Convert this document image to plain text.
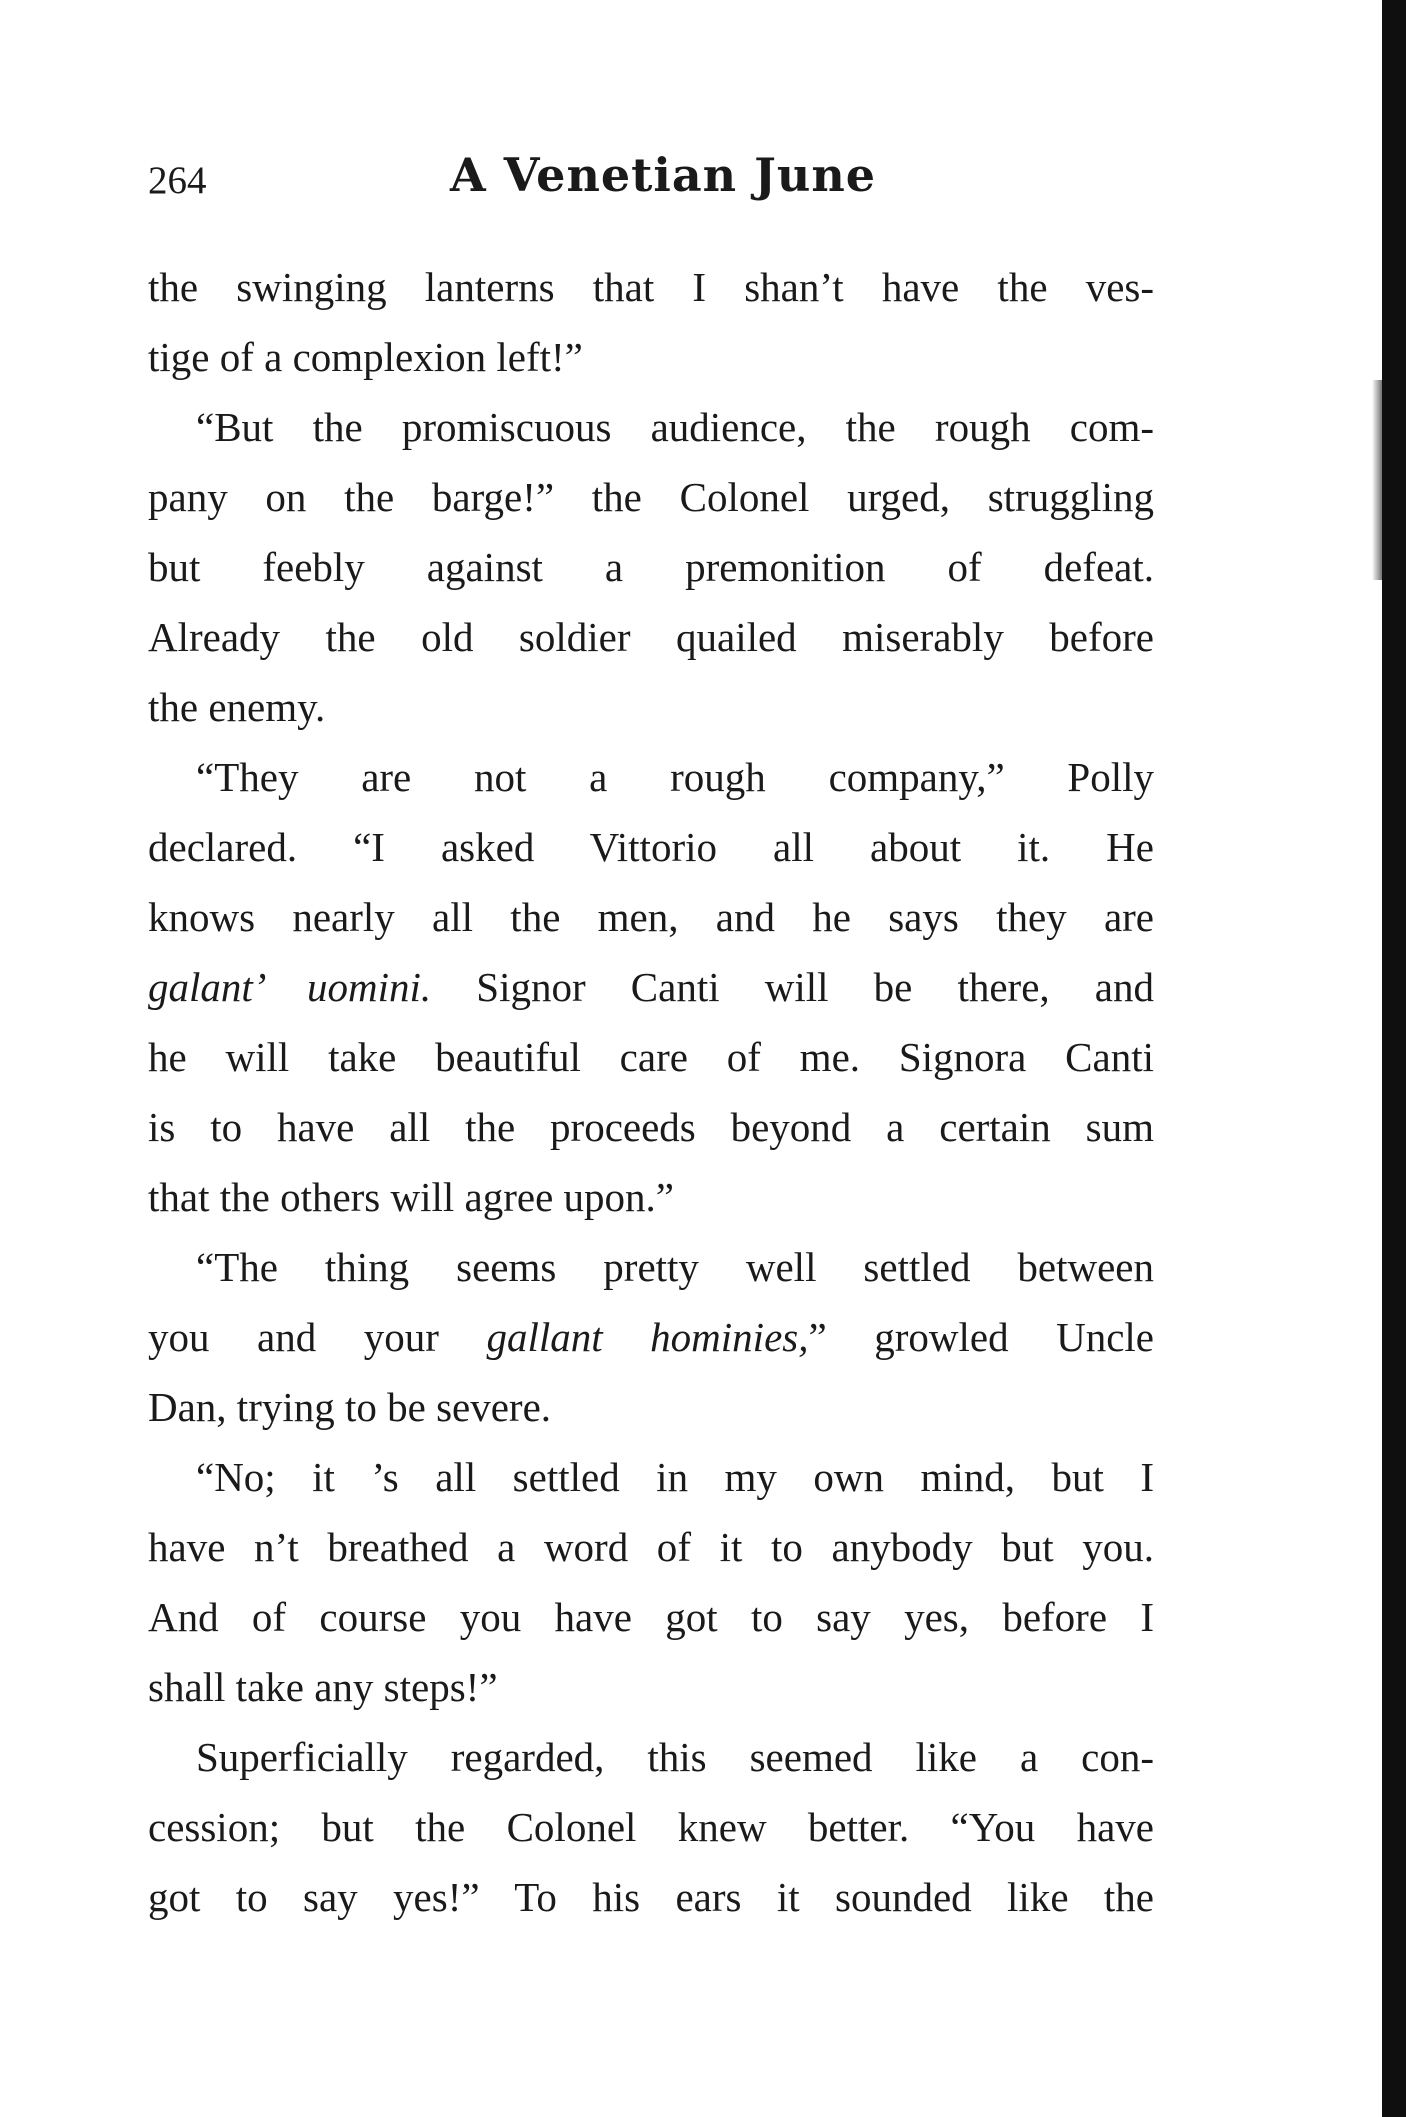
264	A Venetian June
the swinging lanterns that I shan’t have the ves-
tige of a complexion left!”
“But the promiscuous audience, the rough com-
pany on the barge!” the Colonel urged, struggling
but feebly against a premonition of defeat.
Already the old soldier quailed miserably before
the enemy.
“They are not a rough company,” Polly
declared. “I asked Vittorio all about it. He
knows nearly all the men, and he says they are
galant’ uomini. Signor Canti will be there, and
he will take beautiful care of me. Signora Canti
is to have all the proceeds beyond a certain sum
that the others will agree upon.”
“The thing seems pretty well settled between
you and your gallant hominies,” growled Uncle
Dan, trying to be severe.
“No; it ’s all settled in my own mind, but I
have n’t breathed a word of it to anybody but you.
And of course you have got to say yes, before I
shall take any steps!”
Superficially regarded, this seemed like a con-
cession; but the Colonel knew better. “You have
got to say yes!” To his ears it sounded like the
